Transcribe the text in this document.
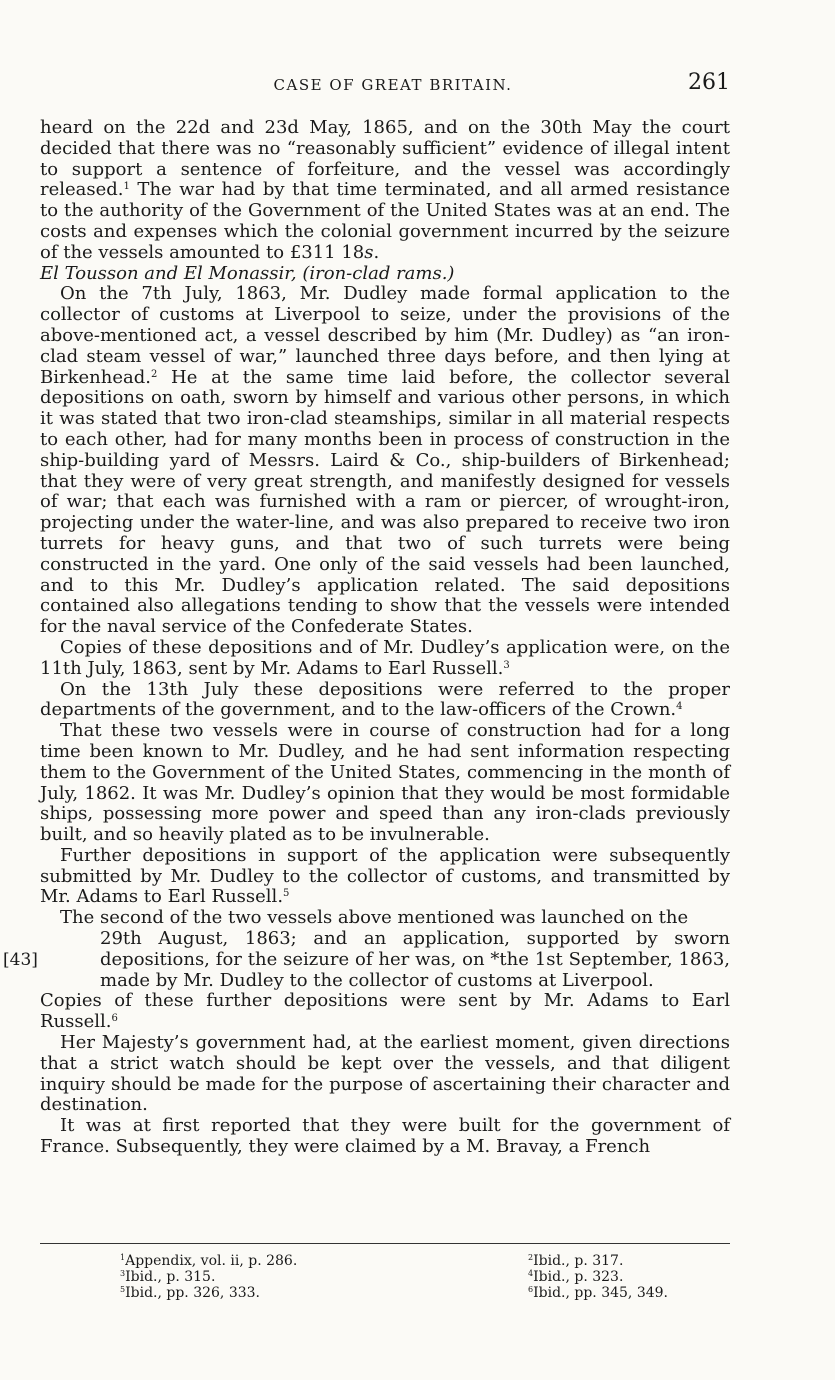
CASE OF GREAT BRITAIN.	261

heard on the 22d and 23d May, 1865, and on the 30th May the court decided that there was no “reasonably sufficient” evidence of illegal intent to support a sentence of forfeiture, and the vessel was accordingly released.$^1$ The war had by that time terminated, and all armed resistance to the authority of the Government of the United States was at an end. The costs and expenses which the colonial government incurred by the seizure of the vessels amounted to £311 18s.

El Tousson and El Monassir, (iron-clad rams.)

On the 7th July, 1863, Mr. Dudley made formal application to the collector of customs at Liverpool to seize, under the provisions of the above-mentioned act, a vessel described by him (Mr. Dudley) as “an iron-clad steam vessel of war,” launched three days before, and then lying at Birkenhead.$^2$ He at the same time laid before, the collector several depositions on oath, sworn by himself and various other persons, in which it was stated that two iron-clad steamships, similar in all material respects to each other, had for many months been in process of construction in the ship-building yard of Messrs. Laird & Co., ship-builders of Birkenhead; that they were of very great strength, and manifestly designed for vessels of war; that each was furnished with a ram or piercer, of wrought-iron, projecting under the water-line, and was also prepared to receive two iron turrets for heavy guns, and that two of such turrets were being constructed in the yard. One only of the said vessels had been launched, and to this Mr. Dudley’s application related. The said depositions contained also allegations tending to show that the vessels were intended for the naval service of the Confederate States.

Copies of these depositions and of Mr. Dudley’s application were, on the 11th July, 1863, sent by Mr. Adams to Earl Russell.$^3$

On the 13th July these depositions were referred to the proper departments of the government, and to the law-officers of the Crown.$^4$

That these two vessels were in course of construction had for a long time been known to Mr. Dudley, and he had sent information respecting them to the Government of the United States, commencing in the month of July, 1862. It was Mr. Dudley’s opinion that they would be most formidable ships, possessing more power and speed than any iron-clads previously built, and so heavily plated as to be invulnerable.

Further depositions in support of the application were subsequently submitted by Mr. Dudley to the collector of customs, and transmitted by Mr. Adams to Earl Russell.$^5$

The second of the two vessels above mentioned was launched on the

29th August, 1863; and an application, supported by sworn depositions, for the seizure of her was, on *the 1st September, 1863, made by Mr. Dudley to the collector of customs at Liverpool.

Copies of these further depositions were sent by Mr. Adams to Earl Russell.$^6$

[43]

Her Majesty’s government had, at the earliest moment, given directions that a strict watch should be kept over the vessels, and that diligent inquiry should be made for the purpose of ascertaining their character and destination.

It was at first reported that they were built for the government of France. Subsequently, they were claimed by a M. Bravay, a French

$^1$Appendix, vol. ii, p. 286.	$^2$Ibid., p. 317.
$^3$Ibid., p. 315.	$^4$Ibid., p. 323.
$^5$Ibid., pp. 326, 333.	$^6$Ibid., pp. 345, 349.
